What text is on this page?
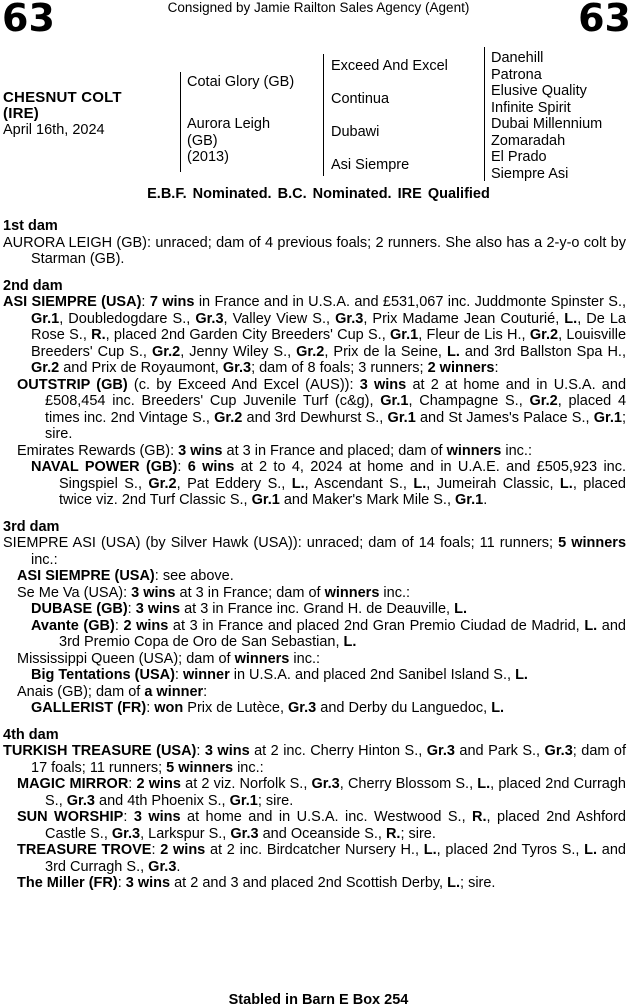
63	Consigned by Jamie Railton Sales Agency (Agent)	63
CHESNUT COLT
(IRE)
April 16th, 2024
Cotai Glory (GB)
Aurora Leigh
(GB)
(2013)
Exceed And Excel
Continua
Dubawi
Asi Siempre
Danehill
Patrona
Elusive Quality
Infinite Spirit
Dubai Millennium
Zomaradah
El Prado
Siempre Asi
E.B.F. Nominated. B.C. Nominated. IRE Qualified
1st dam
AURORA LEIGH (GB): unraced; dam of 4 previous foals; 2 runners. She also has a 2-y-o colt by Starman (GB).
2nd dam
ASI SIEMPRE (USA): 7 wins in France and in U.S.A. and £531,067 inc. Juddmonte Spinster S., Gr.1, Doubledogdare S., Gr.3, Valley View S., Gr.3, Prix Madame Jean Couturié, L., De La Rose S., R., placed 2nd Garden City Breeders' Cup S., Gr.1, Fleur de Lis H., Gr.2, Louisville Breeders' Cup S., Gr.2, Jenny Wiley S., Gr.2, Prix de la Seine, L. and 3rd Ballston Spa H., Gr.2 and Prix de Royaumont, Gr.3; dam of 8 foals; 3 runners; 2 winners:
OUTSTRIP (GB) (c. by Exceed And Excel (AUS)): 3 wins at 2 at home and in U.S.A. and £508,454 inc. Breeders' Cup Juvenile Turf (c&g), Gr.1, Champagne S., Gr.2, placed 4 times inc. 2nd Vintage S., Gr.2 and 3rd Dewhurst S., Gr.1 and St James's Palace S., Gr.1; sire.
Emirates Rewards (GB): 3 wins at 3 in France and placed; dam of winners inc.:
NAVAL POWER (GB): 6 wins at 2 to 4, 2024 at home and in U.A.E. and £505,923 inc. Singspiel S., Gr.2, Pat Eddery S., L., Ascendant S., L., Jumeirah Classic, L., placed twice viz. 2nd Turf Classic S., Gr.1 and Maker's Mark Mile S., Gr.1.
3rd dam
SIEMPRE ASI (USA) (by Silver Hawk (USA)): unraced; dam of 14 foals; 11 runners; 5 winners inc.:
ASI SIEMPRE (USA): see above.
Se Me Va (USA): 3 wins at 3 in France; dam of winners inc.:
DUBASE (GB): 3 wins at 3 in France inc. Grand H. de Deauville, L.
Avante (GB): 2 wins at 3 in France and placed 2nd Gran Premio Ciudad de Madrid, L. and 3rd Premio Copa de Oro de San Sebastian, L.
Mississippi Queen (USA); dam of winners inc.:
Big Tentations (USA): winner in U.S.A. and placed 2nd Sanibel Island S., L.
Anais (GB); dam of a winner:
GALLERIST (FR): won Prix de Lutèce, Gr.3 and Derby du Languedoc, L.
4th dam
TURKISH TREASURE (USA): 3 wins at 2 inc. Cherry Hinton S., Gr.3 and Park S., Gr.3; dam of 17 foals; 11 runners; 5 winners inc.:
MAGIC MIRROR: 2 wins at 2 viz. Norfolk S., Gr.3, Cherry Blossom S., L., placed 2nd Curragh S., Gr.3 and 4th Phoenix S., Gr.1; sire.
SUN WORSHIP: 3 wins at home and in U.S.A. inc. Westwood S., R., placed 2nd Ashford Castle S., Gr.3, Larkspur S., Gr.3 and Oceanside S., R.; sire.
TREASURE TROVE: 2 wins at 2 inc. Birdcatcher Nursery H., L., placed 2nd Tyros S., L. and 3rd Curragh S., Gr.3.
The Miller (FR): 3 wins at 2 and 3 and placed 2nd Scottish Derby, L.; sire.
Stabled in Barn E Box 254
